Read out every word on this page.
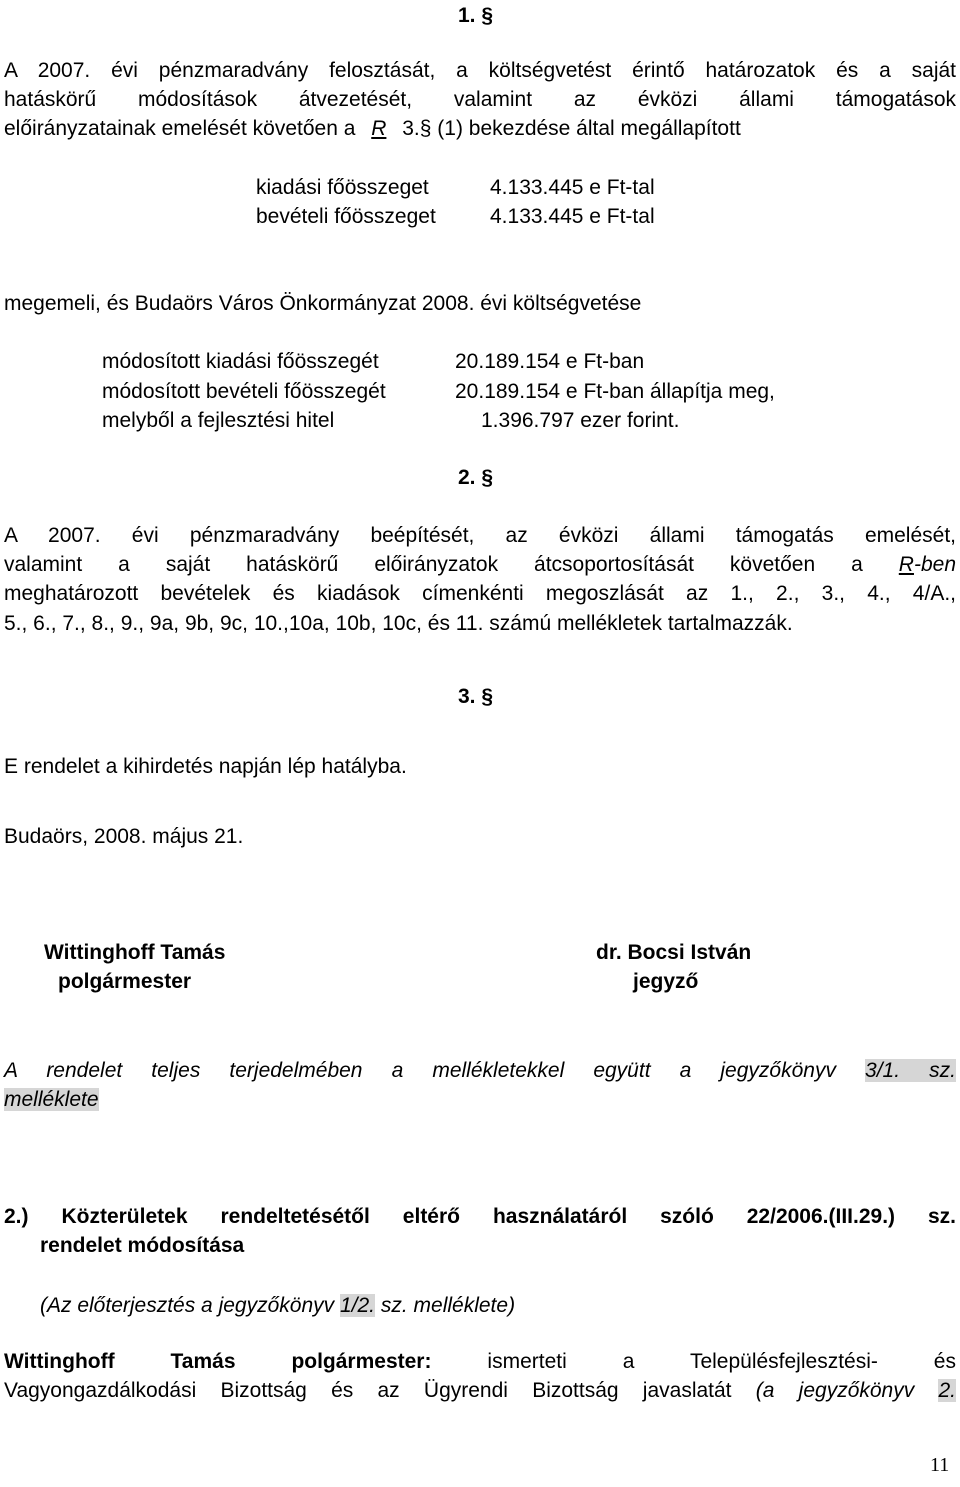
1. §
A 2007. évi pénzmaradvány felosztását, a költségvetést érintő határozatok és a saját
hatáskörű módosítások átvezetését, valamint az évközi állami támogatások
előirányzatainak emelését követően a R 3.§ (1) bekezdése által megállapított
kiadási főösszeget	4.133.445 e Ft-tal
bevételi főösszeget	4.133.445 e Ft-tal
megemeli, és Budaörs Város Önkormányzat 2008. évi költségvetése
módosított kiadási főösszegét	20.189.154 e Ft-ban
módosított bevételi főösszegét	20.189.154 e Ft-ban állapítja meg,
melyből a fejlesztési hitel	1.396.797 ezer forint.
2. §
A 2007. évi pénzmaradvány beépítését, az évközi állami támogatás emelését,
valamint a saját hatáskörű előirányzatok átcsoportosítását követően a R-ben
meghatározott bevételek és kiadások címenkénti megoszlását az 1., 2., 3., 4., 4/A.,
5., 6., 7., 8., 9., 9a, 9b, 9c, 10.,10a, 10b, 10c, és 11. számú mellékletek tartalmazzák.
3. §
E rendelet a kihirdetés napján lép hatályba.
Budaörs, 2008. május 21.
Wittinghoff Tamás
polgármester
dr. Bocsi István
jegyző
A rendelet teljes terjedelmében a mellékletekkel együtt a jegyzőkönyv 3/1. sz.
melléklete
2.) Közterületek rendeltetésétől eltérő használatáról szóló 22/2006.(III.29.) sz.
rendelet módosítása
(Az előterjesztés a jegyzőkönyv 1/2. sz. melléklete)
Wittinghoff Tamás polgármester:	ismerteti a Településfejlesztési- és
Vagyongazdálkodási Bizottság és az Ügyrendi Bizottság javaslatát (a jegyzőkönyv 2.
11
